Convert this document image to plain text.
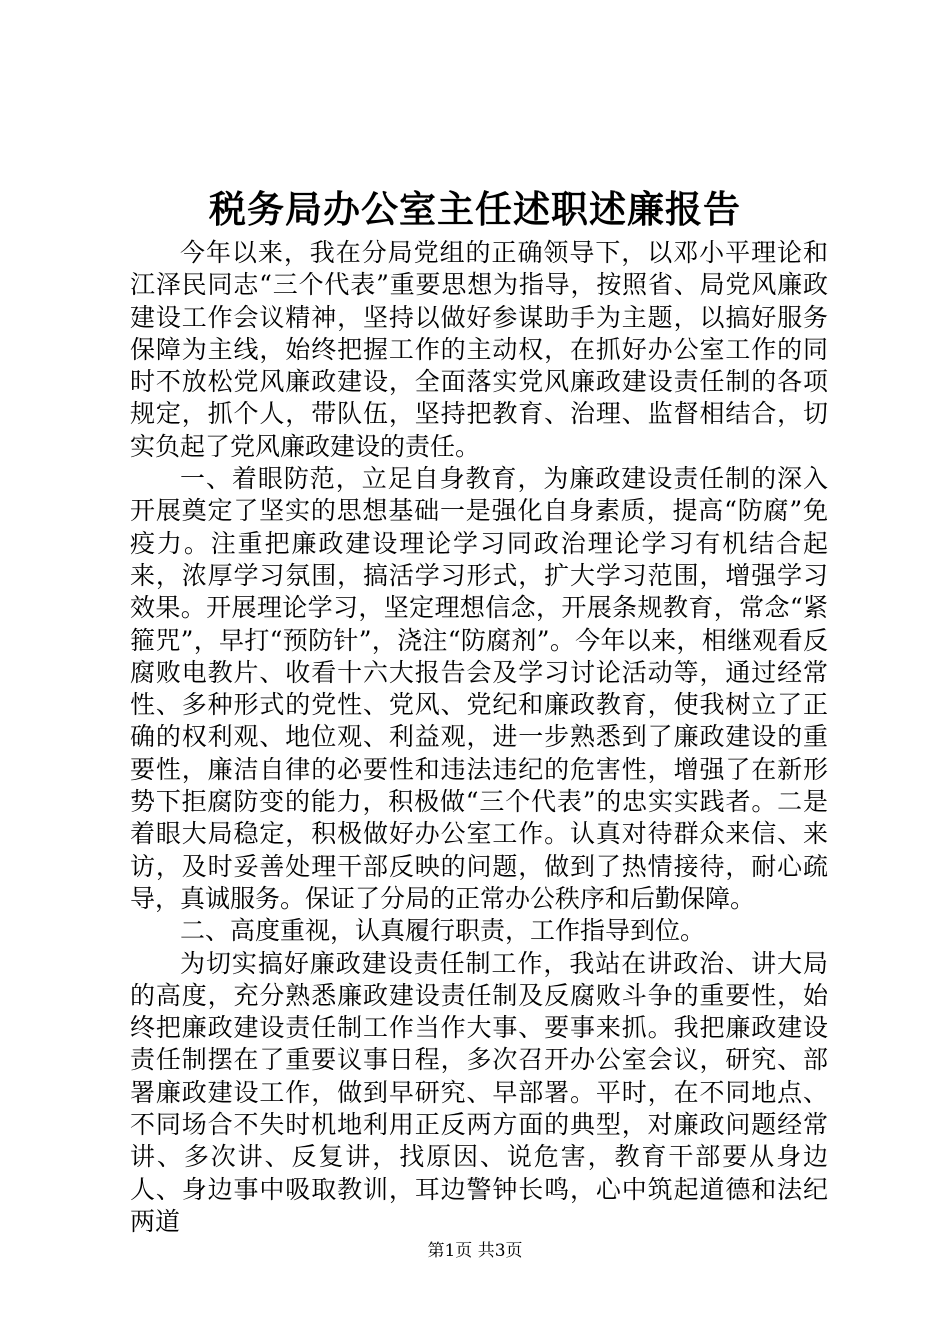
税务局办公室主任述职述廉报告

今年以来，我在分局党组的正确领导下，以邓小平理论和江泽民同志“三个代表”重要思想为指导，按照省、局党风廉政建设工作会议精神，坚持以做好参谋助手为主题，以搞好服务保障为主线，始终把握工作的主动权，在抓好办公室工作的同时不放松党风廉政建设，全面落实党风廉政建设责任制的各项规定，抓个人，带队伍，坚持把教育、治理、监督相结合，切实负起了党风廉政建设的责任。

一、着眼防范，立足自身教育，为廉政建设责任制的深入开展奠定了坚实的思想基础一是强化自身素质，提高“防腐”免疫力。注重把廉政建设理论学习同政治理论学习有机结合起来，浓厚学习氛围，搞活学习形式，扩大学习范围，增强学习效果。开展理论学习，坚定理想信念，开展条规教育，常念“紧箍咒”，早打“预防针”，浇注“防腐剂”。今年以来，相继观看反腐败电教片、收看十六大报告会及学习讨论活动等，通过经常性、多种形式的党性、党风、党纪和廉政教育，使我树立了正确的权利观、地位观、利益观，进一步熟悉到了廉政建设的重要性，廉洁自律的必要性和违法违纪的危害性，增强了在新形势下拒腐防变的能力，积极做“三个代表”的忠实实践者。二是着眼大局稳定，积极做好办公室工作。认真对待群众来信、来访，及时妥善处理干部反映的问题，做到了热情接待，耐心疏导，真诚服务。保证了分局的正常办公秩序和后勤保障。

二、高度重视，认真履行职责，工作指导到位。

为切实搞好廉政建设责任制工作，我站在讲政治、讲大局的高度，充分熟悉廉政建设责任制及反腐败斗争的重要性，始终把廉政建设责任制工作当作大事、要事来抓。我把廉政建设责任制摆在了重要议事日程，多次召开办公室会议，研究、部署廉政建设工作，做到早研究、早部署。平时，在不同地点、不同场合不失时机地利用正反两方面的典型，对廉政问题经常讲、多次讲、反复讲，找原因、说危害，教育干部要从身边人、身边事中吸取教训，耳边警钟长鸣，心中筑起道德和法纪两道

第1页 共3页
